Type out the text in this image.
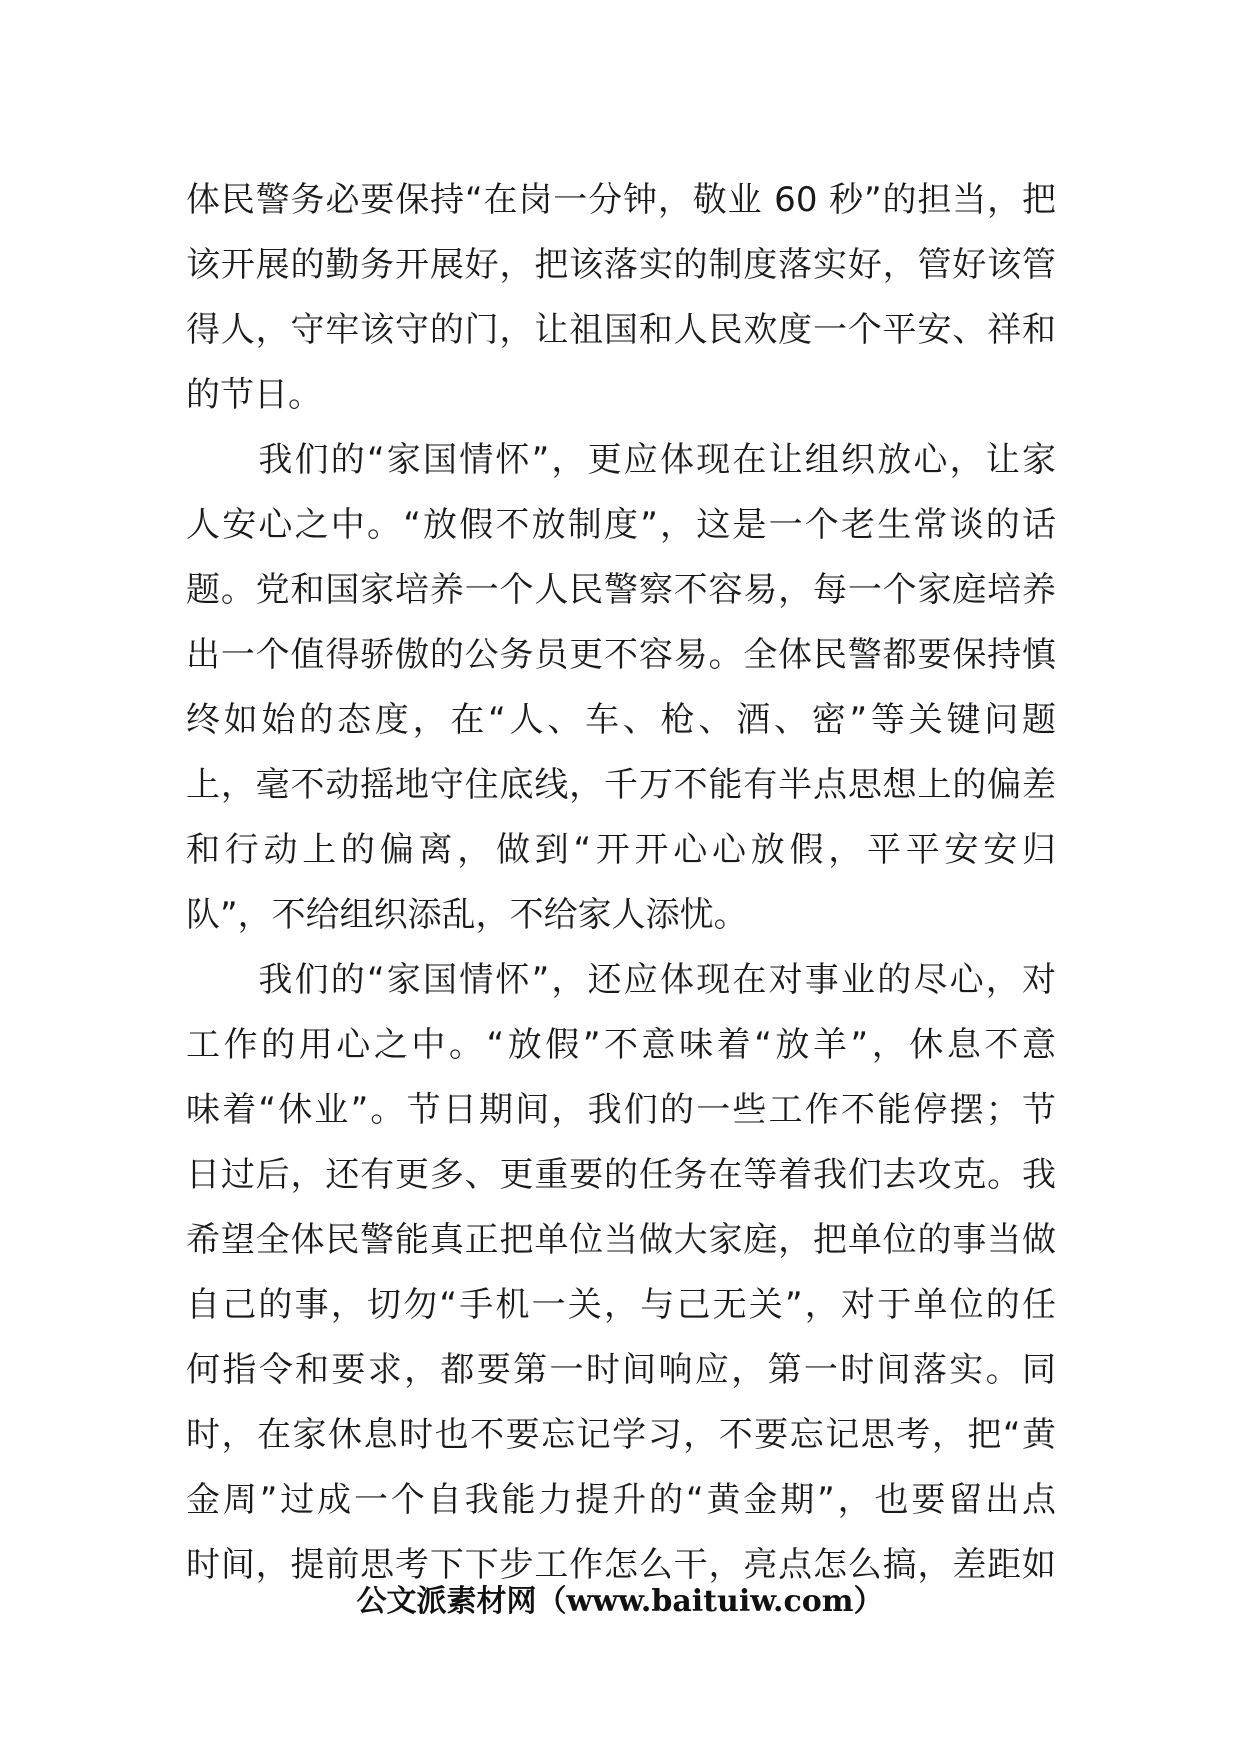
体民警务必要保持“在岗一分钟，敬业 60 秒”的担当，把
该开展的勤务开展好，把该落实的制度落实好，管好该管
得人，守牢该守的门，让祖国和人民欢度一个平安、祥和
的节日。
　　我们的“家国情怀”，更应体现在让组织放心，让家
人安心之中。“放假不放制度”，这是一个老生常谈的话
题。党和国家培养一个人民警察不容易，每一个家庭培养
出一个值得骄傲的公务员更不容易。全体民警都要保持慎
终如始的态度，在“人、车、枪、酒、密”等关键问题
上，毫不动摇地守住底线，千万不能有半点思想上的偏差
和行动上的偏离，做到“开开心心放假，平平安安归
队”，不给组织添乱，不给家人添忧。
　　我们的“家国情怀”，还应体现在对事业的尽心，对
工作的用心之中。“放假”不意味着“放羊”，休息不意
味着“休业”。节日期间，我们的一些工作不能停摆；节
日过后，还有更多、更重要的任务在等着我们去攻克。我
希望全体民警能真正把单位当做大家庭，把单位的事当做
自己的事，切勿“手机一关，与己无关”，对于单位的任
何指令和要求，都要第一时间响应，第一时间落实。同
时，在家休息时也不要忘记学习，不要忘记思考，把“黄
金周”过成一个自我能力提升的“黄金期”，也要留出点
时间，提前思考下下步工作怎么干，亮点怎么搞，差距如
公文派素材网（www.baituiw.com）
